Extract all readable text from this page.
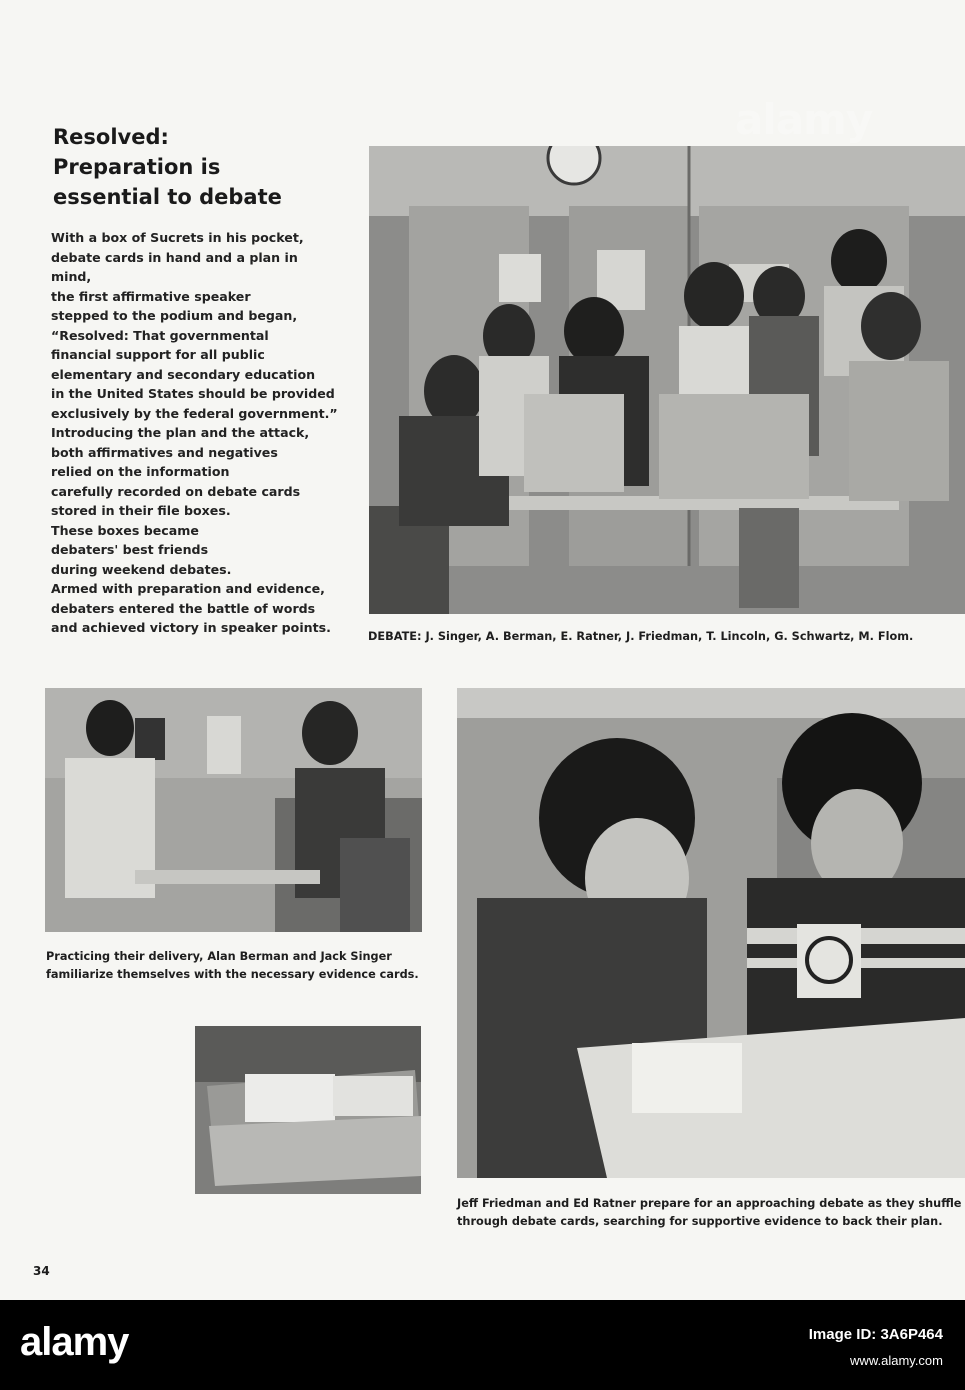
Resolved:
Preparation is
essential to debate
With a box of Sucrets in his pocket,
debate cards in hand and a plan in
mind,
the first affirmative speaker
stepped to the podium and began,
“Resolved: That governmental
financial support for all public
elementary and secondary education
in the United States should be provided
exclusively by the federal government.”
Introducing the plan and the attack,
both affirmatives and negatives
relied on the information
carefully recorded on debate cards
stored in their file boxes.
These boxes became
debaters' best friends
during weekend debates.
Armed with preparation and evidence,
debaters entered the battle of words
and achieved victory in speaker points.
DEBATE: J. Singer, A. Berman, E. Ratner, J. Friedman, T. Lincoln, G. Schwartz, M. Flom.
Practicing their delivery, Alan Berman and Jack Singer
familiarize themselves with the necessary evidence cards.
Jeff Friedman and Ed Ratner prepare for an approaching debate as they shuffle
through debate cards, searching for supportive evidence to back their plan.
alamy
34
alamy	Image ID: 3A6P464
www.alamy.com
